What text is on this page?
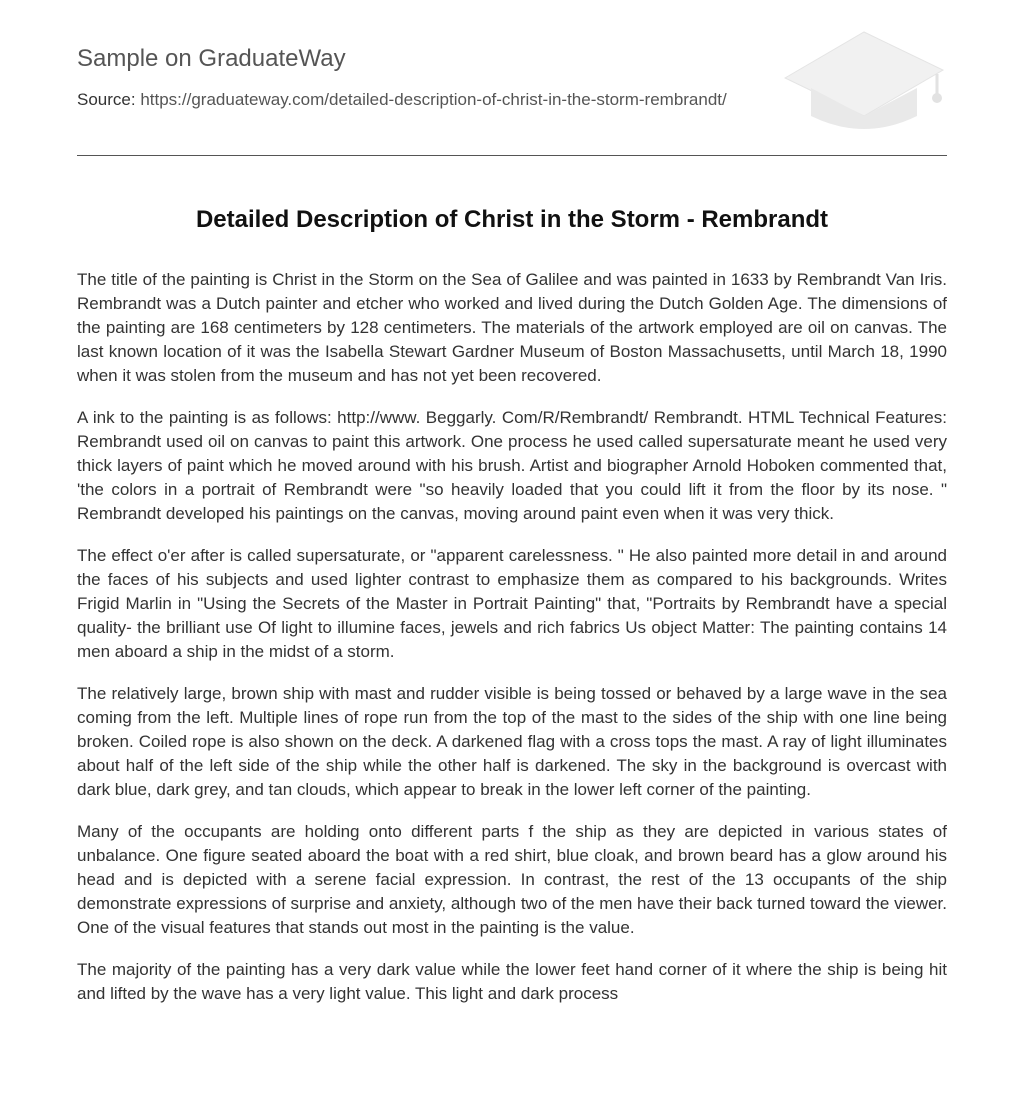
Sample on GraduateWay
Source: https://graduateway.com/detailed-description-of-christ-in-the-storm-rembrandt/
Detailed Description of Christ in the Storm - Rembrandt

The title of the painting is Christ in the Storm on the Sea of Galilee and was painted in 1633 by Rembrandt Van Iris. Rembrandt was a Dutch painter and etcher who worked and lived during the Dutch Golden Age. The dimensions of the painting are 168 centimeters by 128 centimeters. The materials of the artwork employed are oil on canvas. The last known location of it was the Isabella Stewart Gardner Museum of Boston Massachusetts, until March 18, 1990 when it was stolen from the museum and has not yet been recovered.

A ink to the painting is as follows: http://www. Beggarly. Com/R/Rembrandt/ Rembrandt. HTML Technical Features: Rembrandt used oil on canvas to paint this artwork. One process he used called supersaturate meant he used very thick layers of paint which he moved around with his brush. Artist and biographer Arnold Hoboken commented that, 'the colors in a portrait of Rembrandt were "so heavily loaded that you could lift it from the floor by its nose. " Rembrandt developed his paintings on the canvas, moving around paint even when it was very thick.

The effect o'er after is called supersaturate, or "apparent carelessness. " He also painted more detail in and around the faces of his subjects and used lighter contrast to emphasize them as compared to his backgrounds. Writes Frigid Marlin in "Using the Secrets of the Master in Portrait Painting" that, "Portraits by Rembrandt have a special quality- the brilliant use Of light to illumine faces, jewels and rich fabrics Us object Matter: The painting contains 14 men aboard a ship in the midst of a storm.

The relatively large, brown ship with mast and rudder visible is being tossed or behaved by a large wave in the sea coming from the left. Multiple lines of rope run from the top of the mast to the sides of the ship with one line being broken. Coiled rope is also shown on the deck. A darkened flag with a cross tops the mast. A ray of light illuminates about half of the left side of the ship while the other half is darkened. The sky in the background is overcast with dark blue, dark grey, and tan clouds, which appear to break in the lower left corner of the painting.

Many of the occupants are holding onto different parts f the ship as they are depicted in various states of unbalance. One figure seated aboard the boat with a red shirt, blue cloak, and brown beard has a glow around his head and is depicted with a serene facial expression. In contrast, the rest of the 13 occupants of the ship demonstrate expressions of surprise and anxiety, although two of the men have their back turned toward the viewer. One of the visual features that stands out most in the painting is the value.

The majority of the painting has a very dark value while the lower feet hand corner of it where the ship is being hit and lifted by the wave has a very light value. This light and dark process
